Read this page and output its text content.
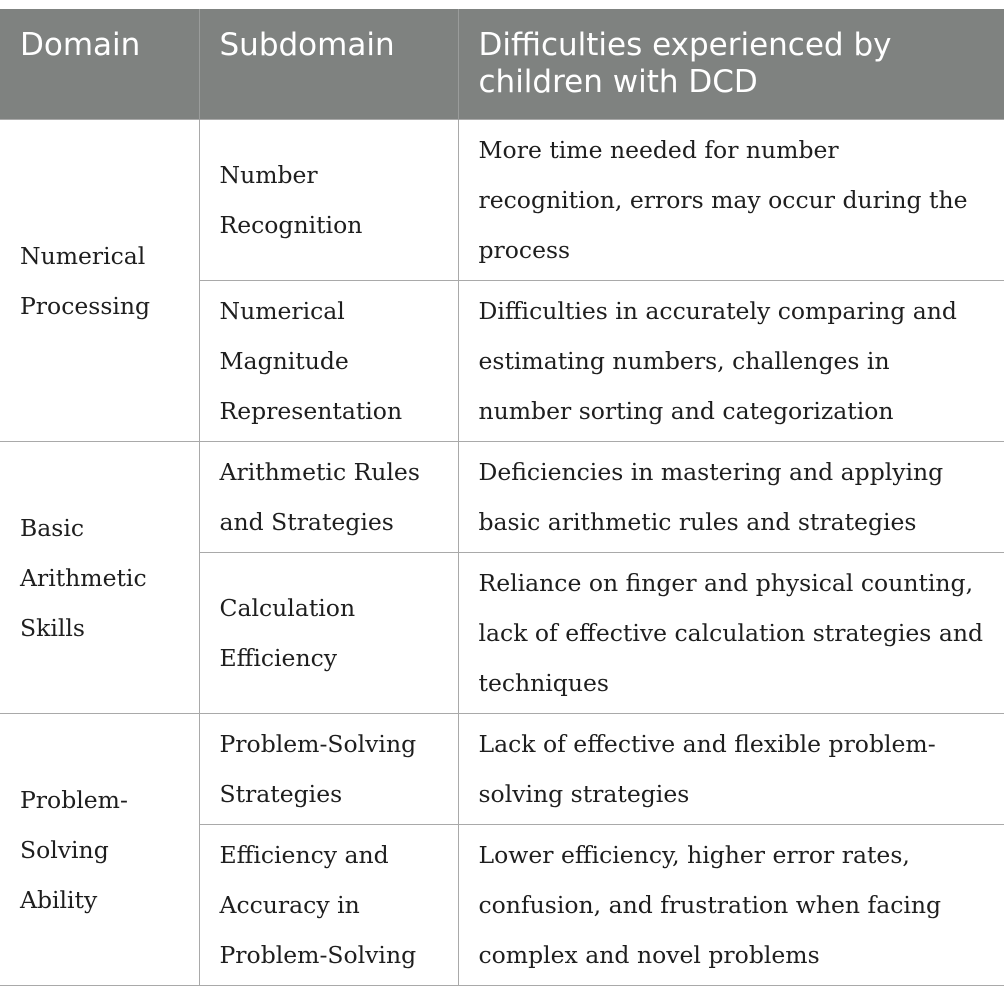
Domain	Subdomain	Difficulties experienced by children with DCD

Numerical Processing	Number Recognition	More time needed for number recognition, errors may occur during the process

	Numerical Magnitude Representation	Difficulties in accurately comparing and estimating numbers, challenges in number sorting and categorization

Basic Arithmetic Skills	Arithmetic Rules and Strategies	Deficiencies in mastering and applying basic arithmetic rules and strategies

	Calculation Efficiency	Reliance on finger and physical counting, lack of effective calculation strategies and techniques

Problem-Solving Ability	Problem-Solving Strategies	Lack of effective and flexible problem-solving strategies

	Efficiency and Accuracy in Problem-Solving	Lower efficiency, higher error rates, confusion, and frustration when facing complex and novel problems
